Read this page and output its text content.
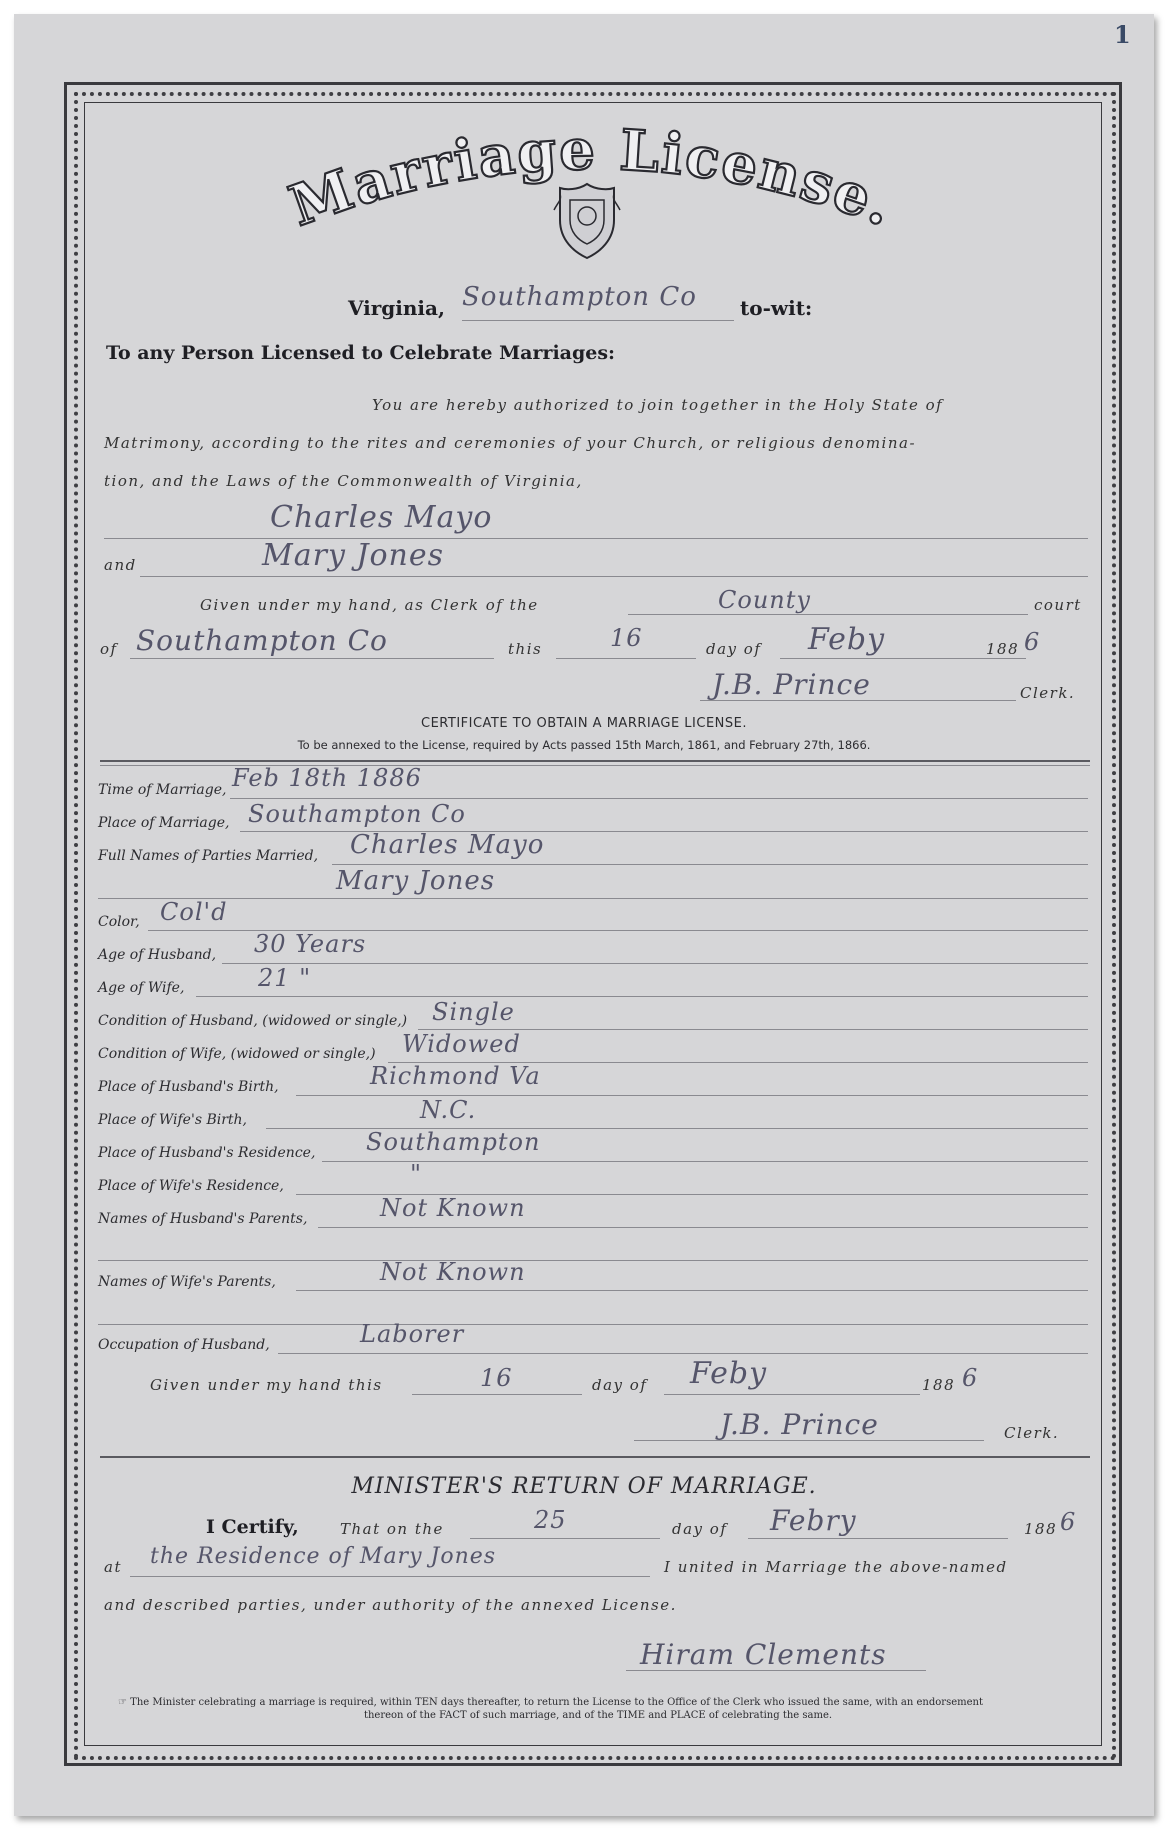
1
Marriage License.
Virginia, Southampton Co to-wit:
To any Person Licensed to Celebrate Marriages:
You are hereby authorized to join together in the Holy State of
Matrimony, according to the rites and ceremonies of your Church, or religious denomina-
tion, and the Laws of the Commonwealth of Virginia,
Charles Mayo
and	Mary Jones
Given under my hand, as Clerk of the	County	court
of Southampton Co	this	16	day of Feby	188 6
J.B. Prince	Clerk.
CERTIFICATE TO OBTAIN A MARRIAGE LICENSE.
To be annexed to the License, required by Acts passed 15th March, 1861, and February 27th, 1866.
Time of Marriage, Feb 18th 1886
Place of Marriage, Southampton Co
Full Names of Parties Married, Charles Mayo
Mary Jones
Color, Col'd
Age of Husband, 30 Years
Age of Wife,	21 "
Condition of Husband, (widowed or single,) Single
Condition of Wife, (widowed or single,) Widowed
Place of Husband's Birth,	Richmond Va
Place of Wife's Birth,	N.C.
Place of Husband's Residence, Southampton
Place of Wife's Residence,	"
Names of Husband's Parents,	Not Known
Names of Wife's Parents,	Not Known
Occupation of Husband,	Laborer
Given under my hand this	16	day of Feby	188 6
J.B. Prince	Clerk.
MINISTER'S RETURN OF MARRIAGE.
I Certify,	That on the	25	day of Febry	188 6
at the Residence of Mary Jones	I united in Marriage the above-named
and described parties, under authority of the annexed License.
Hiram Clements
☞ The Minister celebrating a marriage is required, within TEN days thereafter, to return the License to the Office of the Clerk who issued the same, with an endorsement

thereon of the FACT of such marriage, and of the TIME and PLACE of celebrating the same.
